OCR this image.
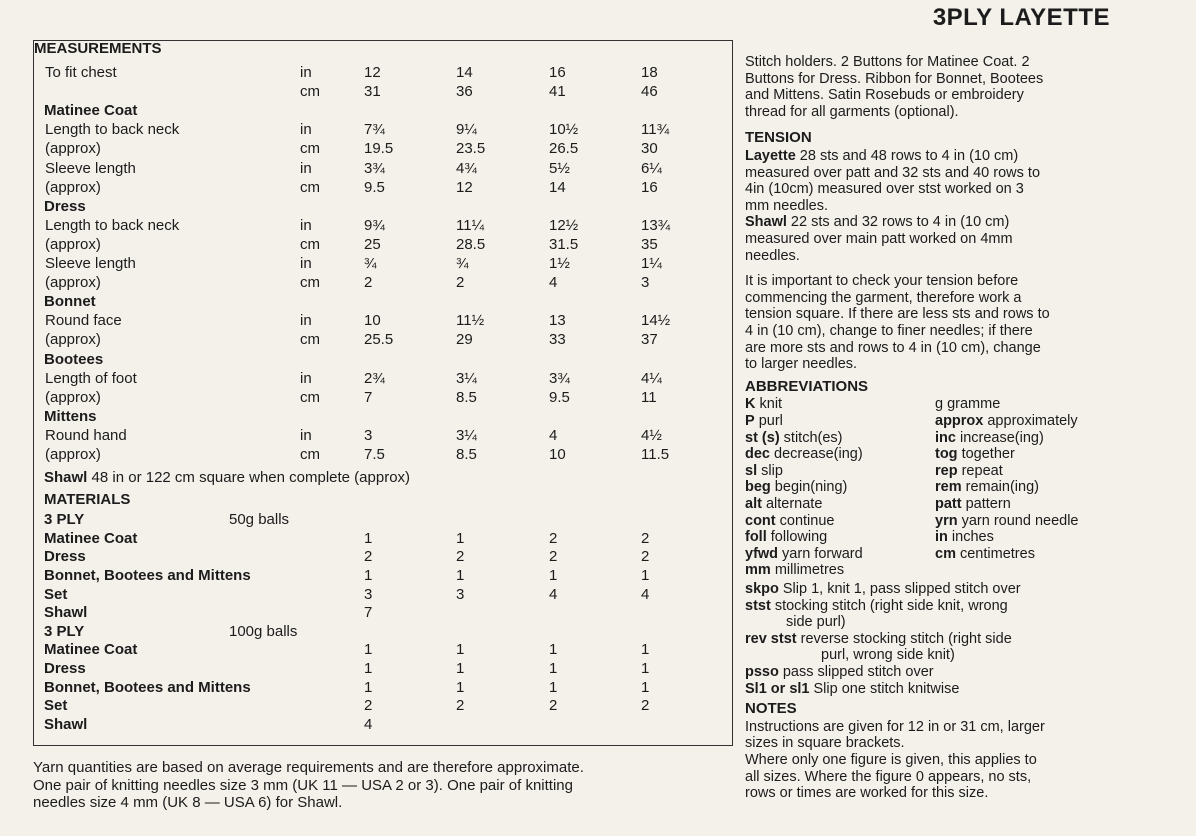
3PLY LAYETTE
MEASUREMENTS
To fit chest	in	12	14	16	18
cm	31	36	41	46
Matinee Coat
Length to back neck	in	7¾	9¼	10½	11¾
(approx)	cm	19.5	23.5	26.5	30
Sleeve length	in	3¾	4¾	5½	6¼
(approx)	cm	9.5	12	14	16
Dress
Length to back neck	in	9¾	11¼	12½	13¾
(approx)	cm	25	28.5	31.5	35
Sleeve length	in	¾	¾	1½	1¼
(approx)	cm	2	2	4	3
Bonnet
Round face	in	10	11½	13	14½
(approx)	cm	25.5	29	33	37
Bootees
Length of foot	in	2¾	3¼	3¾	4¼
(approx)	cm	7	8.5	9.5	11
Mittens
Round hand	in	3	3¼	4	4½
(approx)	cm	7.5	8.5	10	11.5
Shawl 48 in or 122 cm square when complete (approx)
MATERIALS
3 PLY	50g balls
Matinee Coat	1	1	2	2
Dress	2	2	2	2
Bonnet, Bootees and Mittens	1	1	1	1
Set	3	3	4	4
Shawl	7
3 PLY	100g balls
Matinee Coat	1	1	1	1
Dress	1	1	1	1
Bonnet, Bootees and Mittens	1	1	1	1
Set	2	2	2	2
Shawl	4
Yarn quantities are based on average requirements and are therefore approximate.
One pair of knitting needles size 3 mm (UK 11 — USA 2 or 3). One pair of knitting
needles size 4 mm (UK 8 — USA 6) for Shawl.
Stitch holders. 2 Buttons for Matinee Coat. 2
Buttons for Dress. Ribbon for Bonnet, Bootees
and Mittens. Satin Rosebuds or embroidery
thread for all garments (optional).
TENSION
Layette 28 sts and 48 rows to 4 in (10 cm)
measured over patt and 32 sts and 40 rows to
4in (10cm) measured over stst worked on 3
mm needles.
Shawl 22 sts and 32 rows to 4 in (10 cm)
measured over main patt worked on 4mm
needles.
It is important to check your tension before
commencing the garment, therefore work a
tension square. If there are less sts and rows to
4 in (10 cm), change to finer needles; if there
are more sts and rows to 4 in (10 cm), change
to larger needles.
ABBREVIATIONS
K knit
P purl
st (s) stitch(es)
dec decrease(ing)
sl slip
beg begin(ning)
alt alternate
cont continue
foll following
yfwd yarn forward
mm millimetres
g gramme
approx approximately
inc increase(ing)
tog together
rep repeat
rem remain(ing)
patt pattern
yrn yarn round needle
in inches
cm centimetres
skpo Slip 1, knit 1, pass slipped stitch over
stst stocking stitch (right side knit, wrong
side purl)
rev stst reverse stocking stitch (right side
purl, wrong side knit)
psso pass slipped stitch over
Sl1 or sl1 Slip one stitch knitwise
NOTES
Instructions are given for 12 in or 31 cm, larger
sizes in square brackets.
Where only one figure is given, this applies to
all sizes. Where the figure 0 appears, no sts,
rows or times are worked for this size.
